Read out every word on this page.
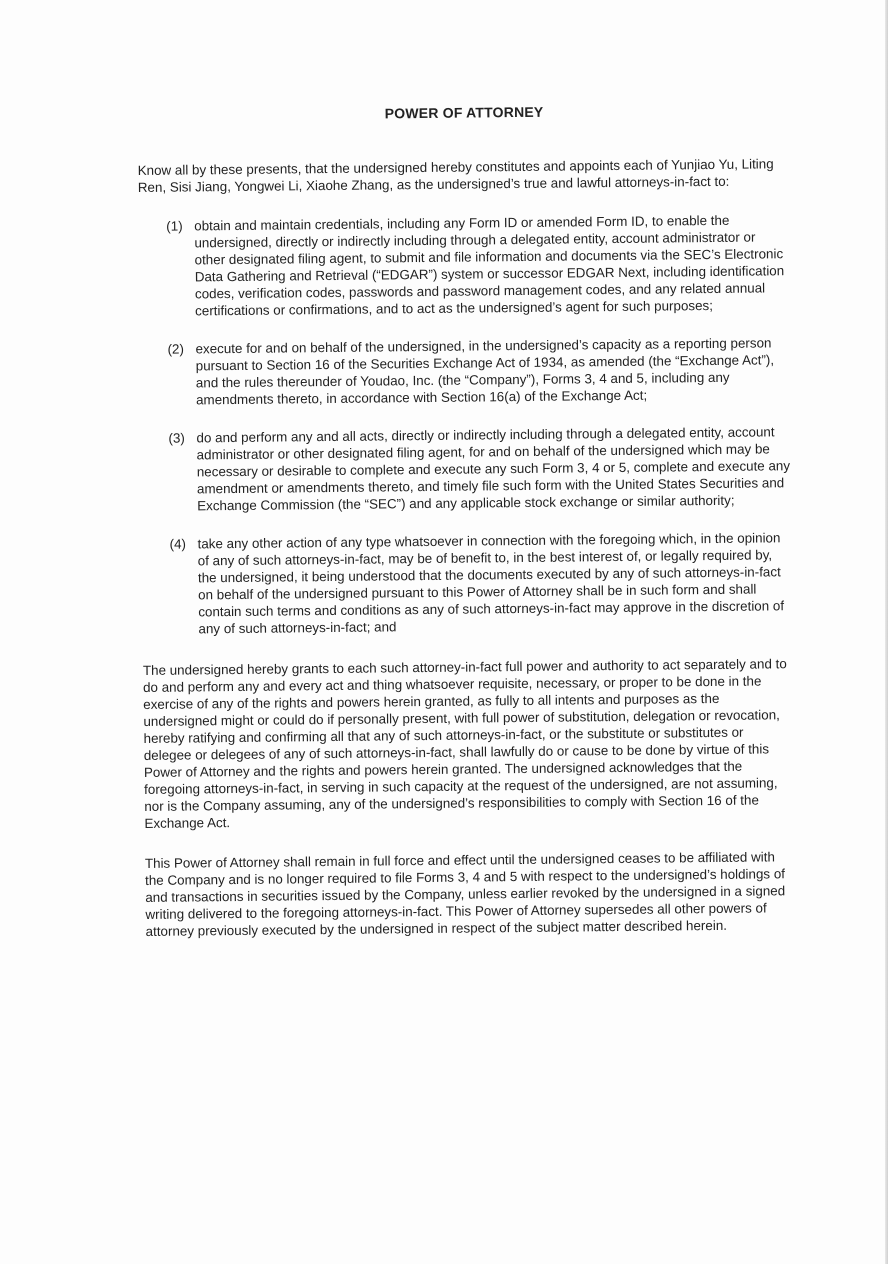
POWER OF ATTORNEY

Know all by these presents, that the undersigned hereby constitutes and appoints each of Yunjiao Yu, Liting Ren, Sisi Jiang, Yongwei Li, Xiaohe Zhang, as the undersigned’s true and lawful attorneys-in-fact to:

(1) obtain and maintain credentials, including any Form ID or amended Form ID, to enable the undersigned, directly or indirectly including through a delegated entity, account administrator or other designated filing agent, to submit and file information and documents via the SEC’s Electronic Data Gathering and Retrieval (“EDGAR”) system or successor EDGAR Next, including identification codes, verification codes, passwords and password management codes, and any related annual certifications or confirmations, and to act as the undersigned’s agent for such purposes;
(2) execute for and on behalf of the undersigned, in the undersigned’s capacity as a reporting person pursuant to Section 16 of the Securities Exchange Act of 1934, as amended (the “Exchange Act”), and the rules thereunder of Youdao, Inc. (the “Company”), Forms 3, 4 and 5, including any amendments thereto, in accordance with Section 16(a) of the Exchange Act;
(3) do and perform any and all acts, directly or indirectly including through a delegated entity, account administrator or other designated filing agent, for and on behalf of the undersigned which may be necessary or desirable to complete and execute any such Form 3, 4 or 5, complete and execute any amendment or amendments thereto, and timely file such form with the United States Securities and Exchange Commission (the “SEC”) and any applicable stock exchange or similar authority;
(4) take any other action of any type whatsoever in connection with the foregoing which, in the opinion of any of such attorneys-in-fact, may be of benefit to, in the best interest of, or legally required by, the undersigned, it being understood that the documents executed by any of such attorneys-in-fact on behalf of the undersigned pursuant to this Power of Attorney shall be in such form and shall contain such terms and conditions as any of such attorneys-in-fact may approve in the discretion of any of such attorneys-in-fact; and

The undersigned hereby grants to each such attorney-in-fact full power and authority to act separately and to do and perform any and every act and thing whatsoever requisite, necessary, or proper to be done in the exercise of any of the rights and powers herein granted, as fully to all intents and purposes as the undersigned might or could do if personally present, with full power of substitution, delegation or revocation, hereby ratifying and confirming all that any of such attorneys-in-fact, or the substitute or substitutes or delegee or delegees of any of such attorneys-in-fact, shall lawfully do or cause to be done by virtue of this Power of Attorney and the rights and powers herein granted. The undersigned acknowledges that the foregoing attorneys-in-fact, in serving in such capacity at the request of the undersigned, are not assuming, nor is the Company assuming, any of the undersigned’s responsibilities to comply with Section 16 of the Exchange Act.

This Power of Attorney shall remain in full force and effect until the undersigned ceases to be affiliated with the Company and is no longer required to file Forms 3, 4 and 5 with respect to the undersigned’s holdings of and transactions in securities issued by the Company, unless earlier revoked by the undersigned in a signed writing delivered to the foregoing attorneys-in-fact. This Power of Attorney supersedes all other powers of attorney previously executed by the undersigned in respect of the subject matter described herein.
